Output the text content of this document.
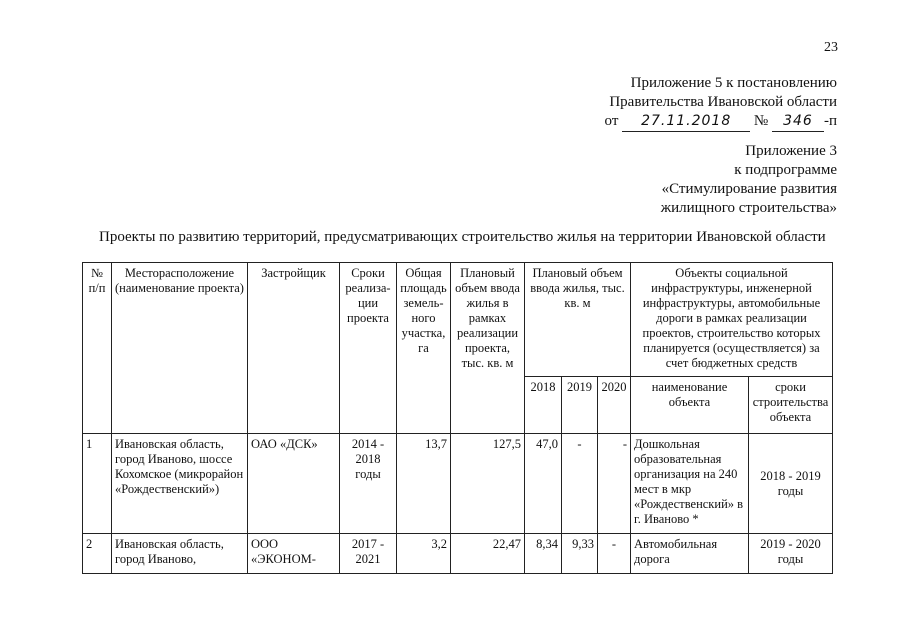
23
Приложение 5 к постановлению
Правительства Ивановской области
от 27.11.2018 № 346 -п
Приложение 3
к подпрограмме
«Стимулирование развития
жилищного строительства»
Проекты по развитию территорий, предусматривающих строительство жилья на территории Ивановской области
№ п/п	Месторасположение (наименование проекта)	Застройщик	Сроки реализа-ции проекта	Общая площадь земель-ного участка, га	Плановый объем ввода жилья в рамках реализации проекта, тыс. кв. м	Плановый объем ввода жилья, тыс. кв. м			Объекты социальной инфраструктуры, инженерной инфраструктуры, автомобильные дороги в рамках реализации проектов, строительство которых планируется (осуществляется) за счет бюджетных средств	
						2018	2019	2020	наименование объекта	сроки строительства объекта
1	Ивановская область, город Иваново, шоссе Кохомское (микрорайон «Рождественский»)	ОАО «ДСК»	2014 - 2018 годы	13,7	127,5	47,0	-	-	Дошкольная образовательная организация на 240 мест в мкр «Рождественский» в г. Иваново *	2018 - 2019 годы
2	Ивановская область, город Иваново,	ООО «ЭКОНОМ-	2017 - 2021	3,2	22,47	8,34	9,33	-	Автомобильная дорога	2019 - 2020 годы
